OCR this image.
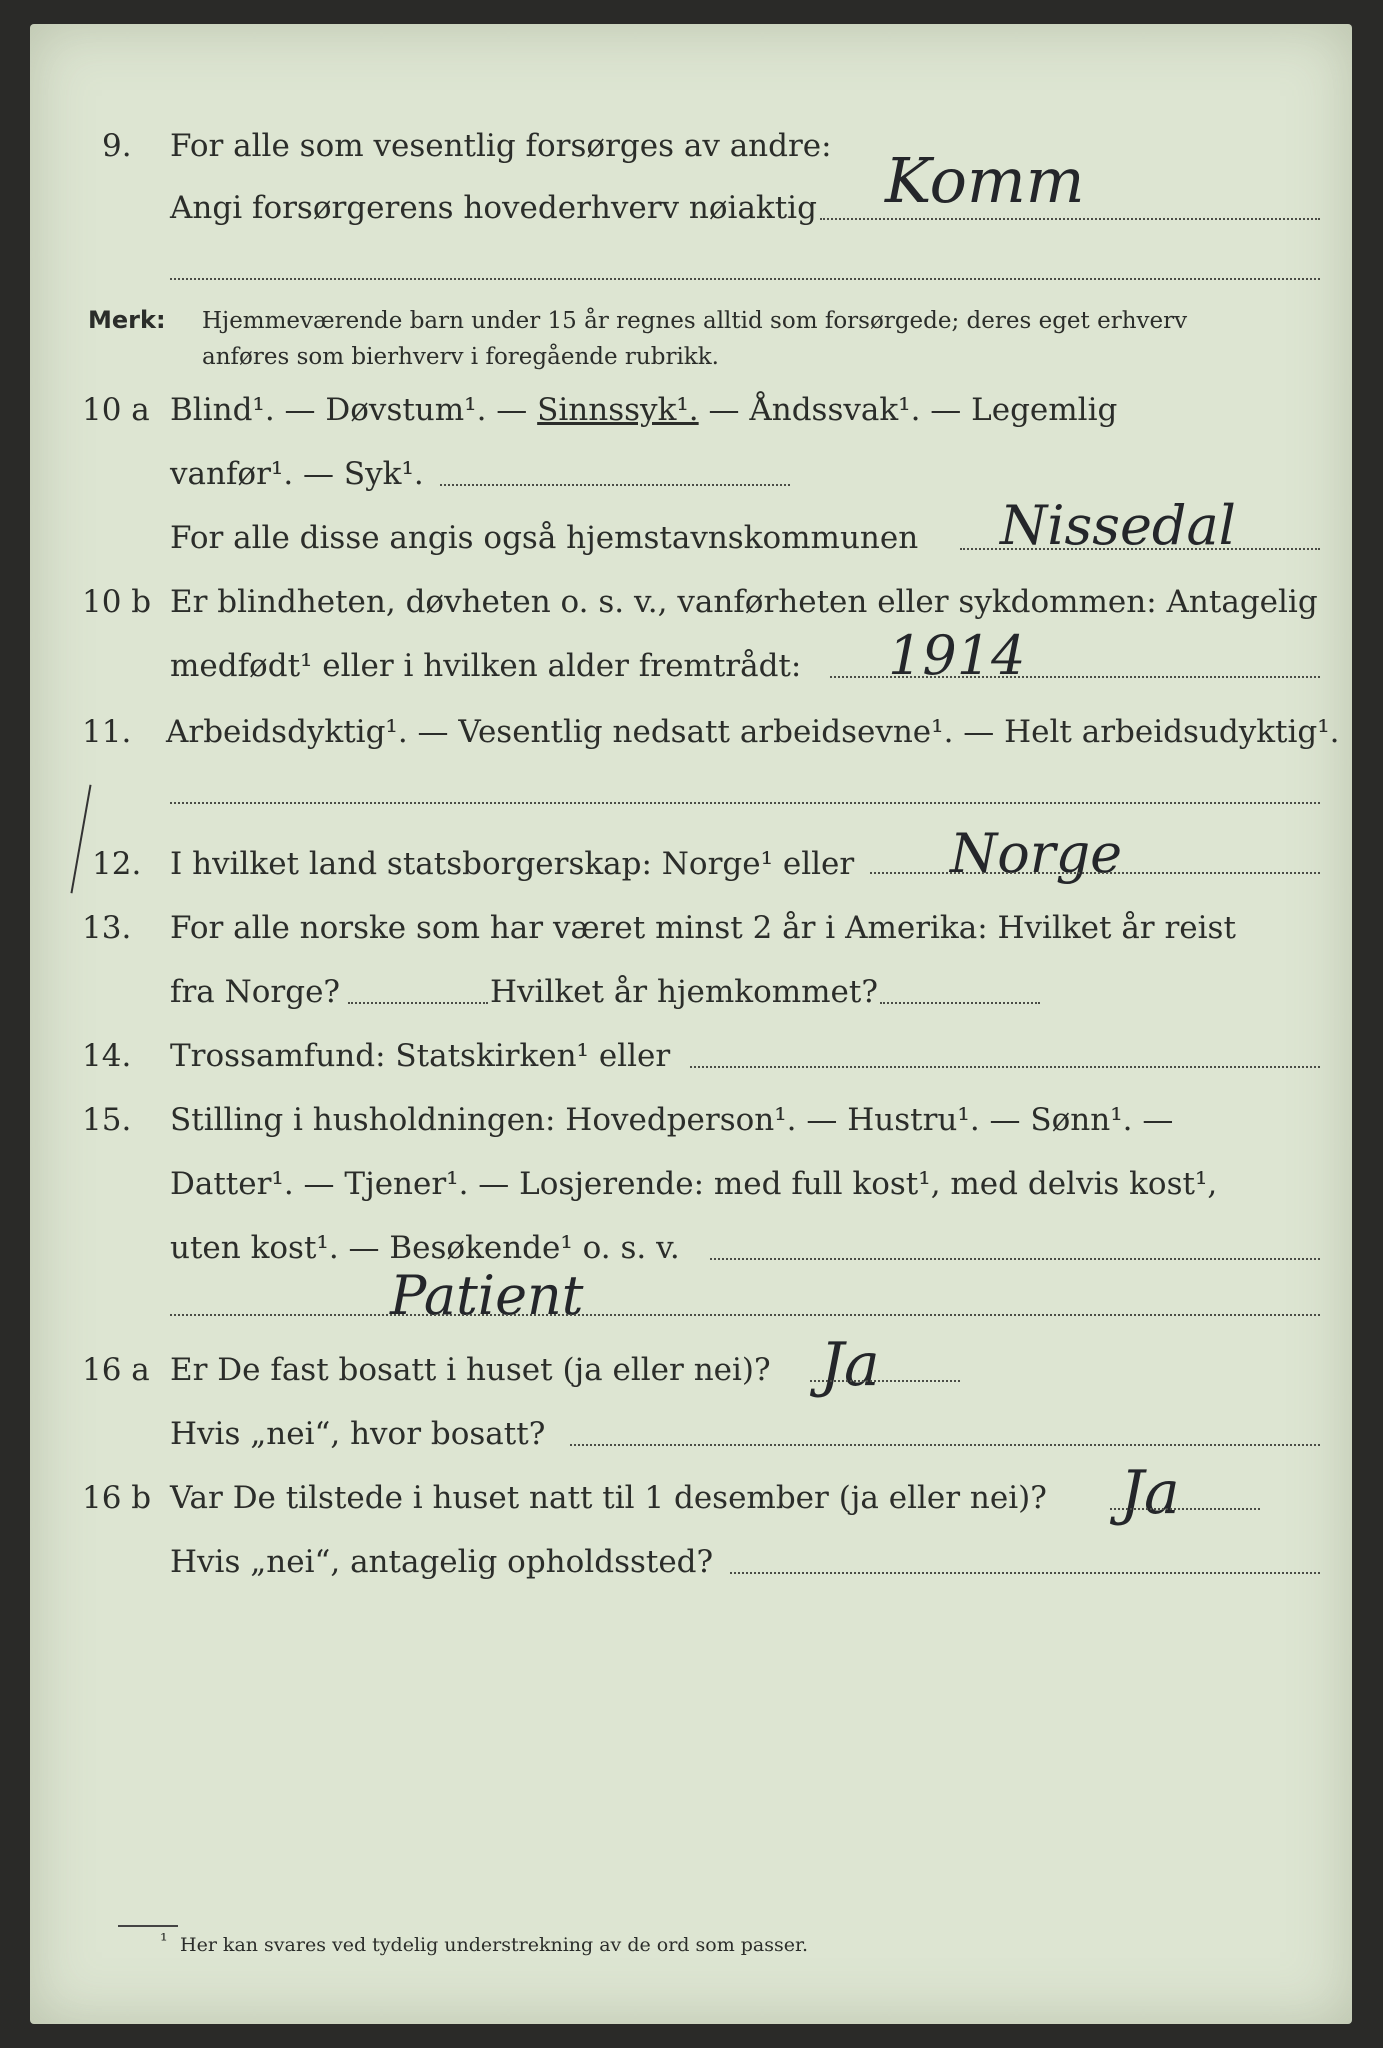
9. For alle som vesentlig forsørges av andre: Komm
Angi forsørgerens hovederhverv nøiaktig
Merk: Hjemmeværende barn under 15 år regnes alltid som forsørgede; deres eget erhverv
anføres som bierhverv i foregående rubrikk.
10 a Blind¹. — Døvstum¹. — Sinnssyk¹. — Åndssvak¹. — Legemlig
vanfør¹. — Syk¹.
For alle disse angis også hjemstavnskommunen Nissedal
10 b Er blindheten, døvheten o. s. v., vanførheten eller sykdommen: Antagelig
medfødt¹ eller i hvilken alder fremtrådt: 1914
11. Arbeidsdyktig¹. — Vesentlig nedsatt arbeidsevne¹. — Helt arbeidsudyktig¹.
12. I hvilket land statsborgerskap: Norge¹ eller Norge
13. For alle norske som har været minst 2 år i Amerika: Hvilket år reist
fra Norge?	Hvilket år hjemkommet?
14. Trossamfund: Statskirken¹ eller
15. Stilling i husholdningen: Hovedperson¹. — Hustru¹. — Sønn¹. —
Datter¹. — Tjener¹. — Losjerende: med full kost¹, med delvis kost¹,
uten kost¹. — Besøkende¹ o. s. v.
Patient
16 a Er De fast bosatt i huset (ja eller nei)? Ja
Hvis „nei“, hvor bosatt?
16 b Var De tilstede i huset natt til 1 desember (ja eller nei)? Ja
Hvis „nei“, antagelig opholdssted?
¹ Her kan svares ved tydelig understrekning av de ord som passer.
